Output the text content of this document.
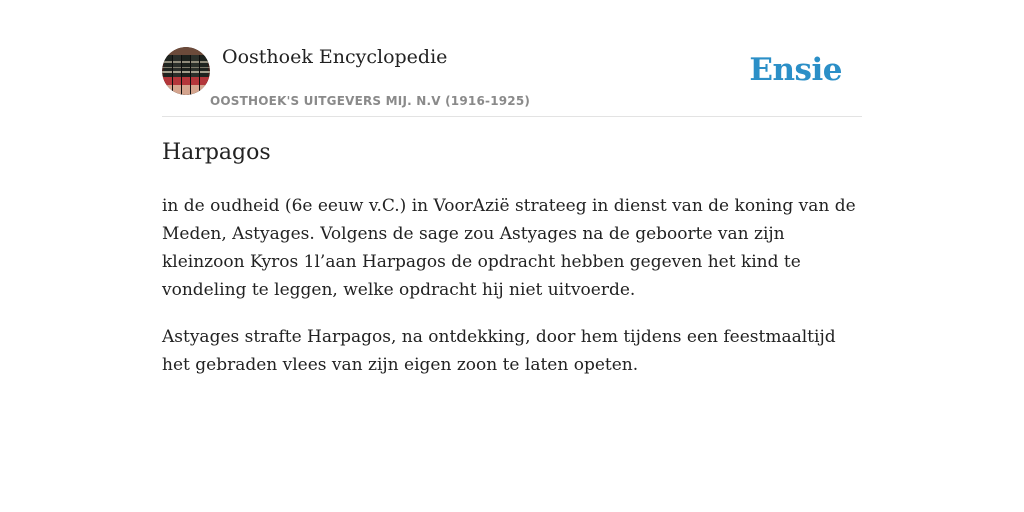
Oosthoek Encyclopedie
OOSTHOEK'S UITGEVERS MIJ. N.V (1916-1925)
Ensie
Harpagos

in de oudheid (6e eeuw v.C.) in VoorAzië strateeg in dienst van de koning van de Meden, Astyages. Volgens de sage zou Astyages na de geboorte van zijn kleinzoon Kyros 1l’aan Harpagos de opdracht hebben gegeven het kind te vondeling te leggen, welke opdracht hij niet uitvoerde.

Astyages strafte Harpagos, na ontdekking, door hem tijdens een feestmaaltijd het gebraden vlees van zijn eigen zoon te laten opeten.
